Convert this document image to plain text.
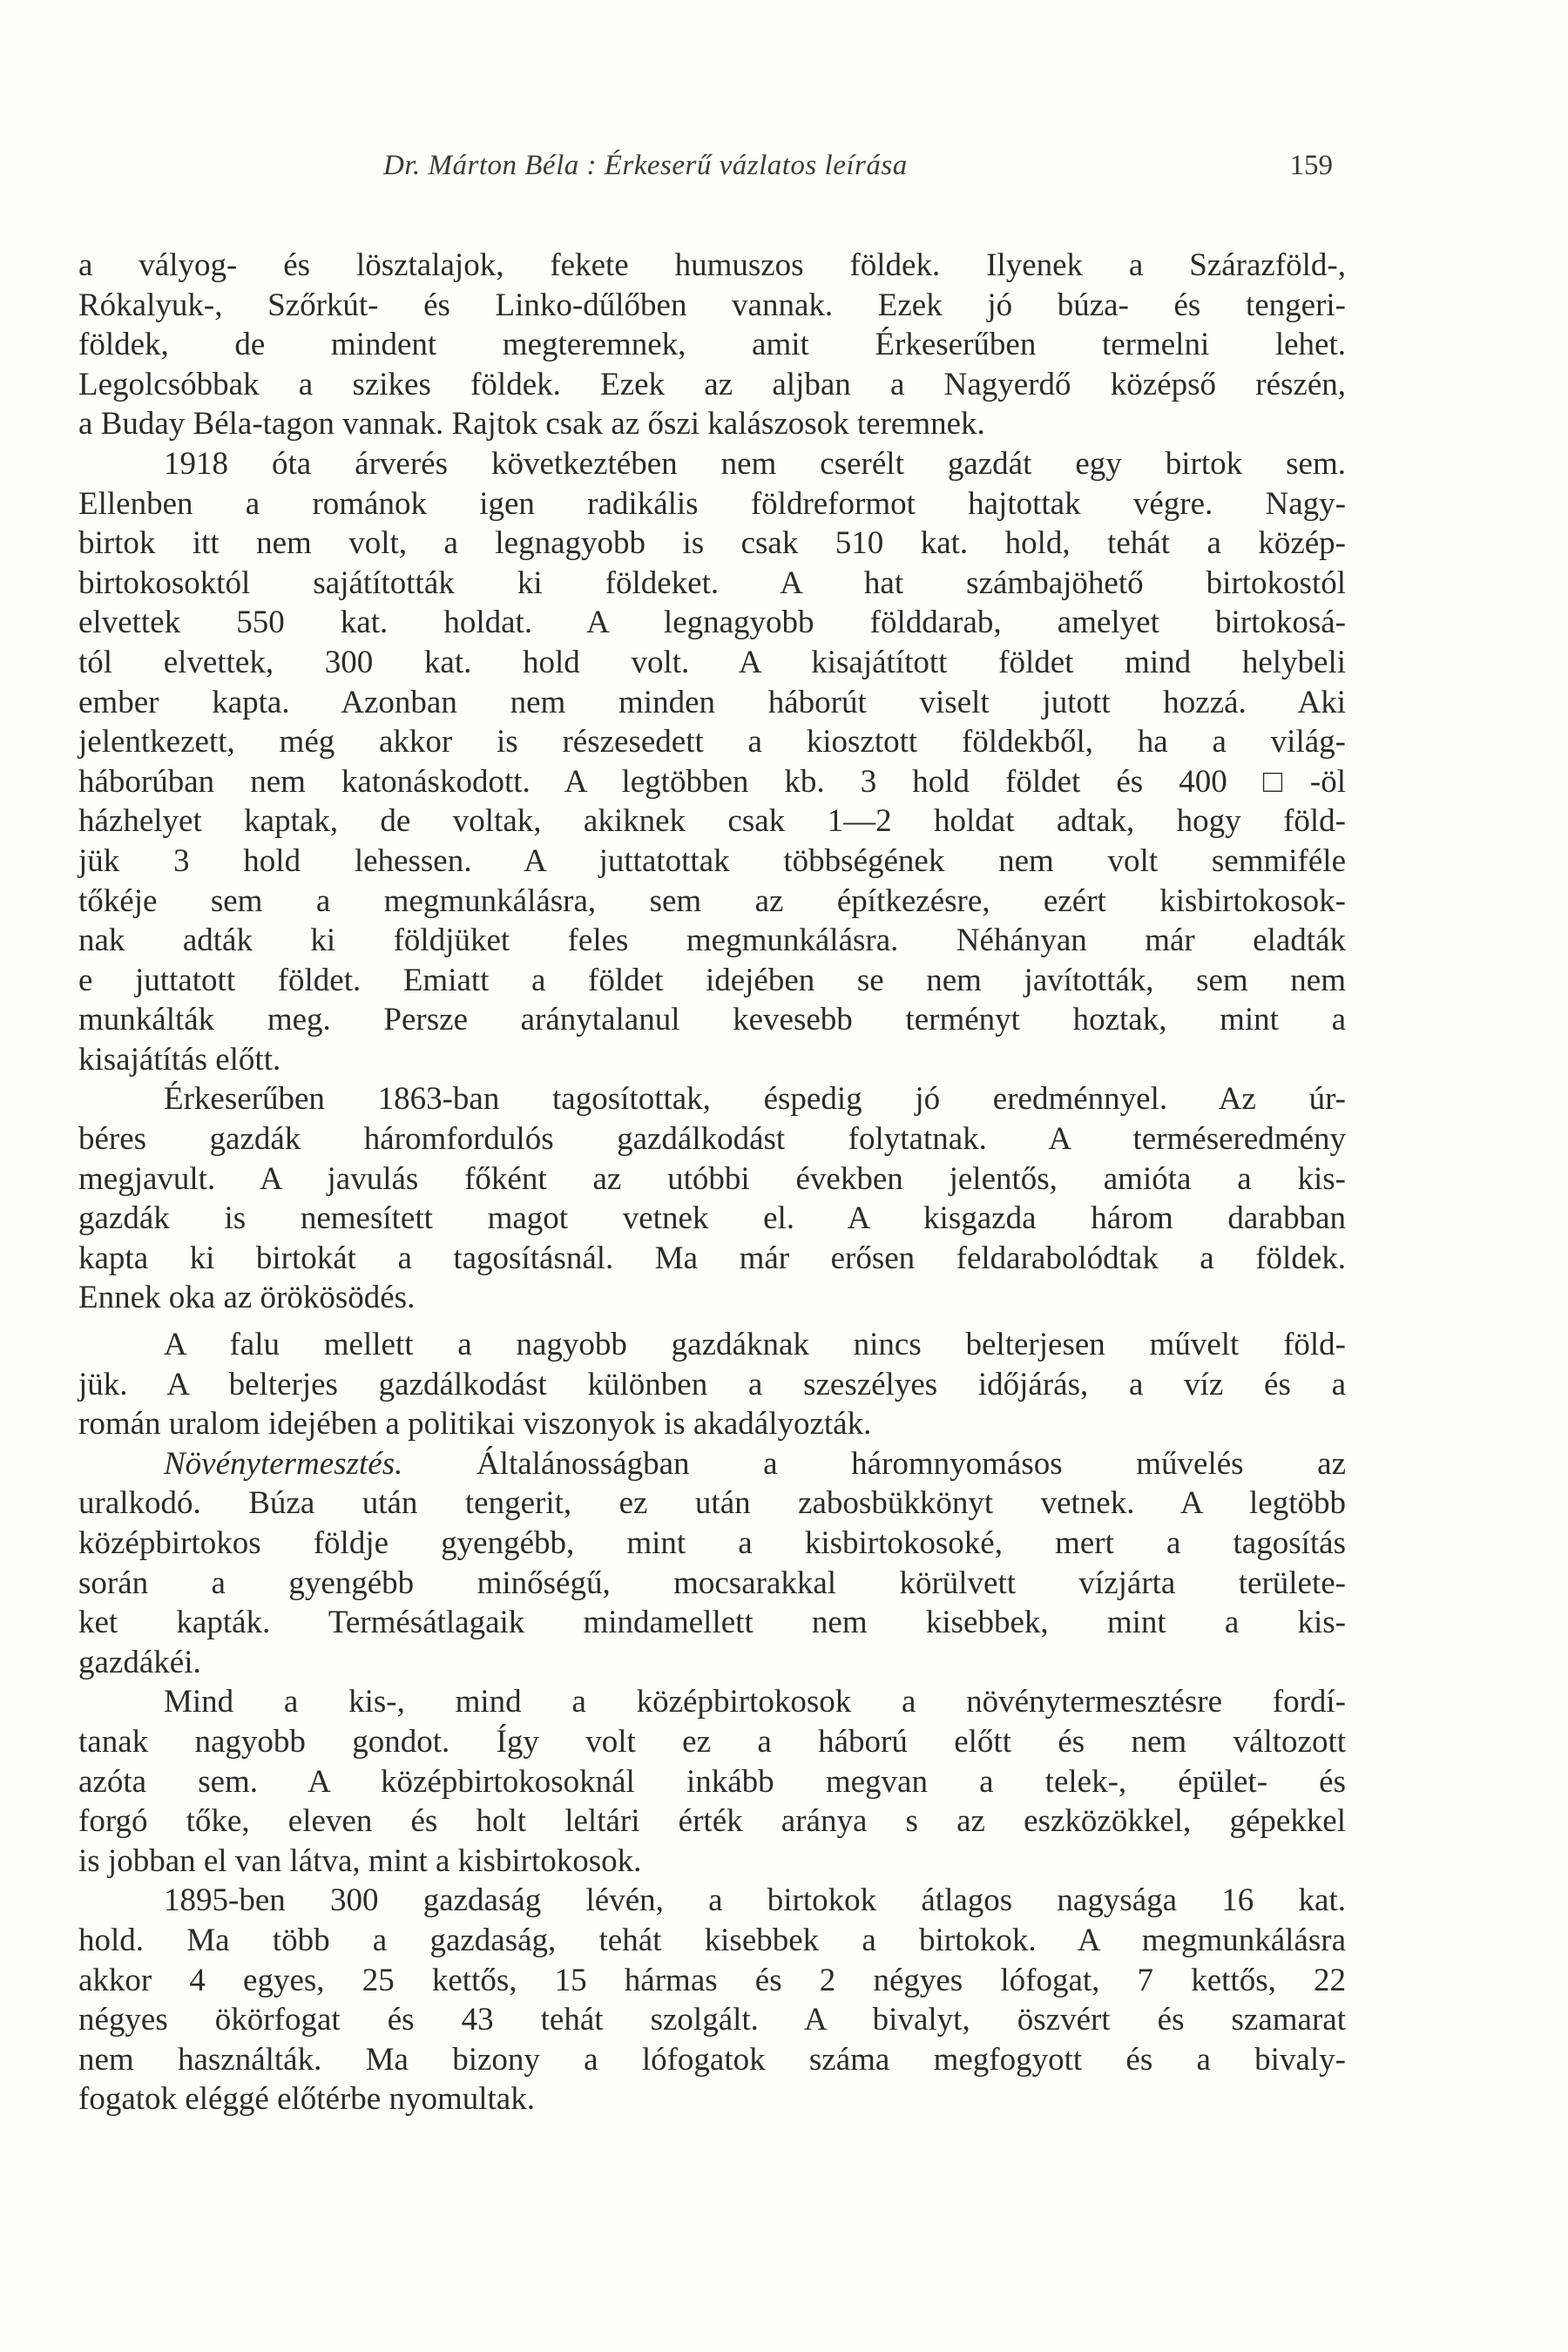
Dr. Márton Béla : Érkeserű vázlatos leírása	159
a vályog- és lösztalajok, fekete humuszos földek. Ilyenek a Szárazföld-,
Rókalyuk-, Szőrkút- és Linko-dűlőben vannak. Ezek jó búza- és tengeri-
földek, de mindent megteremnek, amit Érkeserűben termelni lehet.
Legolcsóbbak a szikes földek. Ezek az aljban a Nagyerdő középső részén,
a Buday Béla-tagon vannak. Rajtok csak az őszi kalászosok teremnek.
1918 óta árverés következtében nem cserélt gazdát egy birtok sem.
Ellenben a románok igen radikális földreformot hajtottak végre. Nagy-
birtok itt nem volt, a legnagyobb is csak 510 kat. hold, tehát a közép-
birtokosoktól sajátították ki földeket. A hat számbajöhető birtokostól
elvettek 550 kat. holdat. A legnagyobb földdarab, amelyet birtokosá-
tól elvettek, 300 kat. hold volt. A kisajátított földet mind helybeli
ember kapta. Azonban nem minden háborút viselt jutott hozzá. Aki
jelentkezett, még akkor is részesedett a kiosztott földekből, ha a világ-
háborúban nem katonáskodott. A legtöbben kb. 3 hold földet és 400 □-öl
házhelyet kaptak, de voltak, akiknek csak 1—2 holdat adtak, hogy föld-
jük 3 hold lehessen. A juttatottak többségének nem volt semmiféle
tőkéje sem a megmunkálásra, sem az építkezésre, ezért kisbirtokosok-
nak adták ki földjüket feles megmunkálásra. Néhányan már eladták
e juttatott földet. Emiatt a földet idejében se nem javították, sem nem
munkálták meg. Persze aránytalanul kevesebb terményt hoztak, mint a
kisajátítás előtt.
Érkeserűben 1863-ban tagosítottak, éspedig jó eredménnyel. Az úr-
béres gazdák háromfordulós gazdálkodást folytatnak. A terméseredmény
megjavult. A javulás főként az utóbbi években jelentős, amióta a kis-
gazdák is nemesített magot vetnek el. A kisgazda három darabban
kapta ki birtokát a tagosításnál. Ma már erősen feldarabolódtak a földek.
Ennek oka az örökösödés.
A falu mellett a nagyobb gazdáknak nincs belterjesen művelt föld-
jük. A belterjes gazdálkodást különben a szeszélyes időjárás, a víz és a
román uralom idejében a politikai viszonyok is akadályozták.
Növénytermesztés. Általánosságban a háromnyomásos művelés az
uralkodó. Búza után tengerit, ez után zabosbükkönyt vetnek. A legtöbb
középbirtokos földje gyengébb, mint a kisbirtokosoké, mert a tagosítás
során a gyengébb minőségű, mocsarakkal körülvett vízjárta területe-
ket kapták. Termésátlagaik mindamellett nem kisebbek, mint a kis-
gazdákéi.
Mind a kis-, mind a középbirtokosok a növénytermesztésre fordí-
tanak nagyobb gondot. Így volt ez a háború előtt és nem változott
azóta sem. A középbirtokosoknál inkább megvan a telek-, épület- és
forgó tőke, eleven és holt leltári érték aránya s az eszközökkel, gépekkel
is jobban el van látva, mint a kisbirtokosok.
1895-ben 300 gazdaság lévén, a birtokok átlagos nagysága 16 kat.
hold. Ma több a gazdaság, tehát kisebbek a birtokok. A megmunkálásra
akkor 4 egyes, 25 kettős, 15 hármas és 2 négyes lófogat, 7 kettős, 22
négyes ökörfogat és 43 tehát szolgált. A bivalyt, öszvért és szamarat
nem használták. Ma bizony a lófogatok száma megfogyott és a bivaly-
fogatok eléggé előtérbe nyomultak.
